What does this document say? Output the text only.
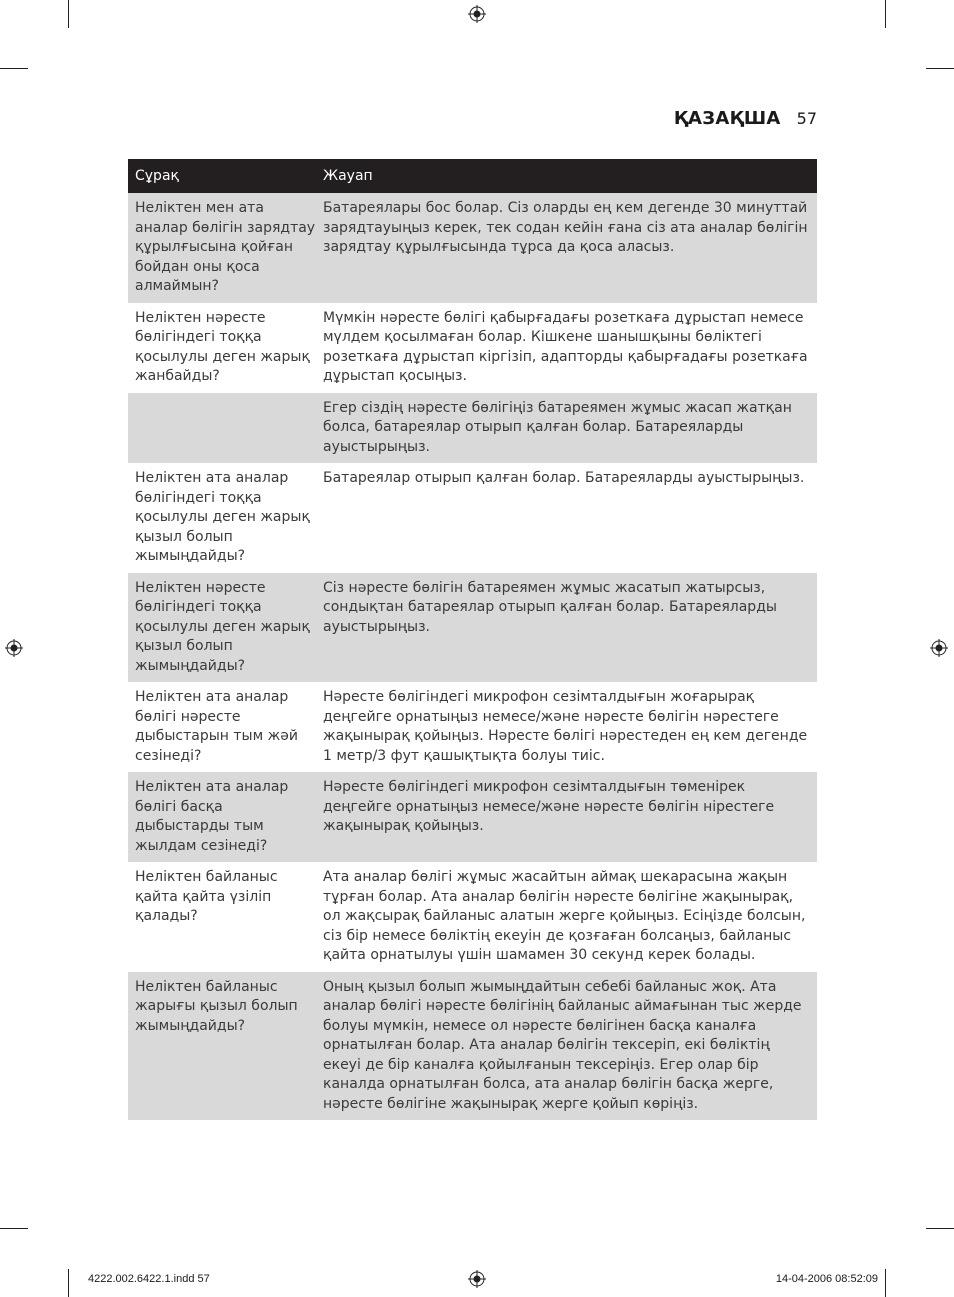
ҚАЗАҚША 57
Сұрақ	Жауап
Неліктен мен ата аналар бөлігін зарядтау құрылғысына қойған бойдан оны қоса алмаймын?
Батареялары бос болар. Сіз оларды ең кем дегенде 30 минуттай зарядтауыңыз керек, тек содан кейін ғана сіз ата аналар бөлігін зарядтау құрылғысында тұрса да қоса аласыз.
Неліктен нәресте бөлігіндегі тоққа қосылулы деген жарық жанбайды?
Мүмкін нәресте бөлігі қабырғадағы розеткаға дұрыстап немесе мүлдем қосылмаған болар. Кішкене шанышқыны бөліктегі розеткаға дұрыстап кіргізіп, адапторды қабырғадағы розеткаға дұрыстап қосыңыз.
Егер сіздің нәресте бөлігіңіз батареямен жұмыс жасап жатқан болса, батареялар отырып қалған болар. Батареяларды ауыстырыңыз.
Неліктен ата аналар бөлігіндегі тоққа қосылулы деген жарық қызыл болып жымыңдайды?
Батареялар отырып қалған болар. Батареяларды ауыстырыңыз.
Неліктен нәресте бөлігіндегі тоққа қосылулы деген жарық қызыл болып жымыңдайды?
Сіз нәресте бөлігін батареямен жұмыс жасатып жатырсыз, сондықтан батареялар отырып қалған болар. Батареяларды ауыстырыңыз.
Неліктен ата аналар бөлігі нәресте дыбыстарын тым жәй сезінеді?
Нәресте бөлігіндегі микрофон сезімталдығын жоғарырақ деңгейге орнатыңыз немесе/және нәресте бөлігін нәрестеге жақынырақ қойыңыз. Нәресте бөлігі нәрестеден ең кем дегенде 1 метр/3 фут қашықтықта болуы тиіс.
Неліктен ата аналар бөлігі басқа дыбыстарды тым жылдам сезінеді?
Нәресте бөлігіндегі микрофон сезімталдығын төменірек деңгейге орнатыңыз немесе/және нәресте бөлігін нірестеге жақынырақ қойыңыз.
Неліктен байланыс қайта қайта үзіліп қалады?
Ата аналар бөлігі жұмыс жасайтын аймақ шекарасына жақын тұрған болар. Ата аналар бөлігін нәресте бөлігіне жақынырақ, ол жақсырақ байланыс алатын жерге қойыңыз. Есіңізде болсын, сіз бір немесе бөліктің екеуін де қозғаған болсаңыз, байланыс қайта орнатылуы үшін шамамен 30 секунд керек болады.
Неліктен байланыс жарығы қызыл болып жымыңдайды?
Оның қызыл болып жымыңдайтын себебі байланыс жоқ. Ата аналар бөлігі нәресте бөлігінің байланыс аймағынан тыс жерде болуы мүмкін, немесе ол нәресте бөлігінен басқа каналға орнатылған болар. Ата аналар бөлігін тексеріп, екі бөліктің екеуі де бір каналға қойылғанын тексеріңіз. Егер олар бір каналда орнатылған болса, ата аналар бөлігін басқа жерге, нәресте бөлігіне жақынырақ жерге қойып көріңіз.
4222.002.6422.1.indd 57	14-04-2006 08:52:09
